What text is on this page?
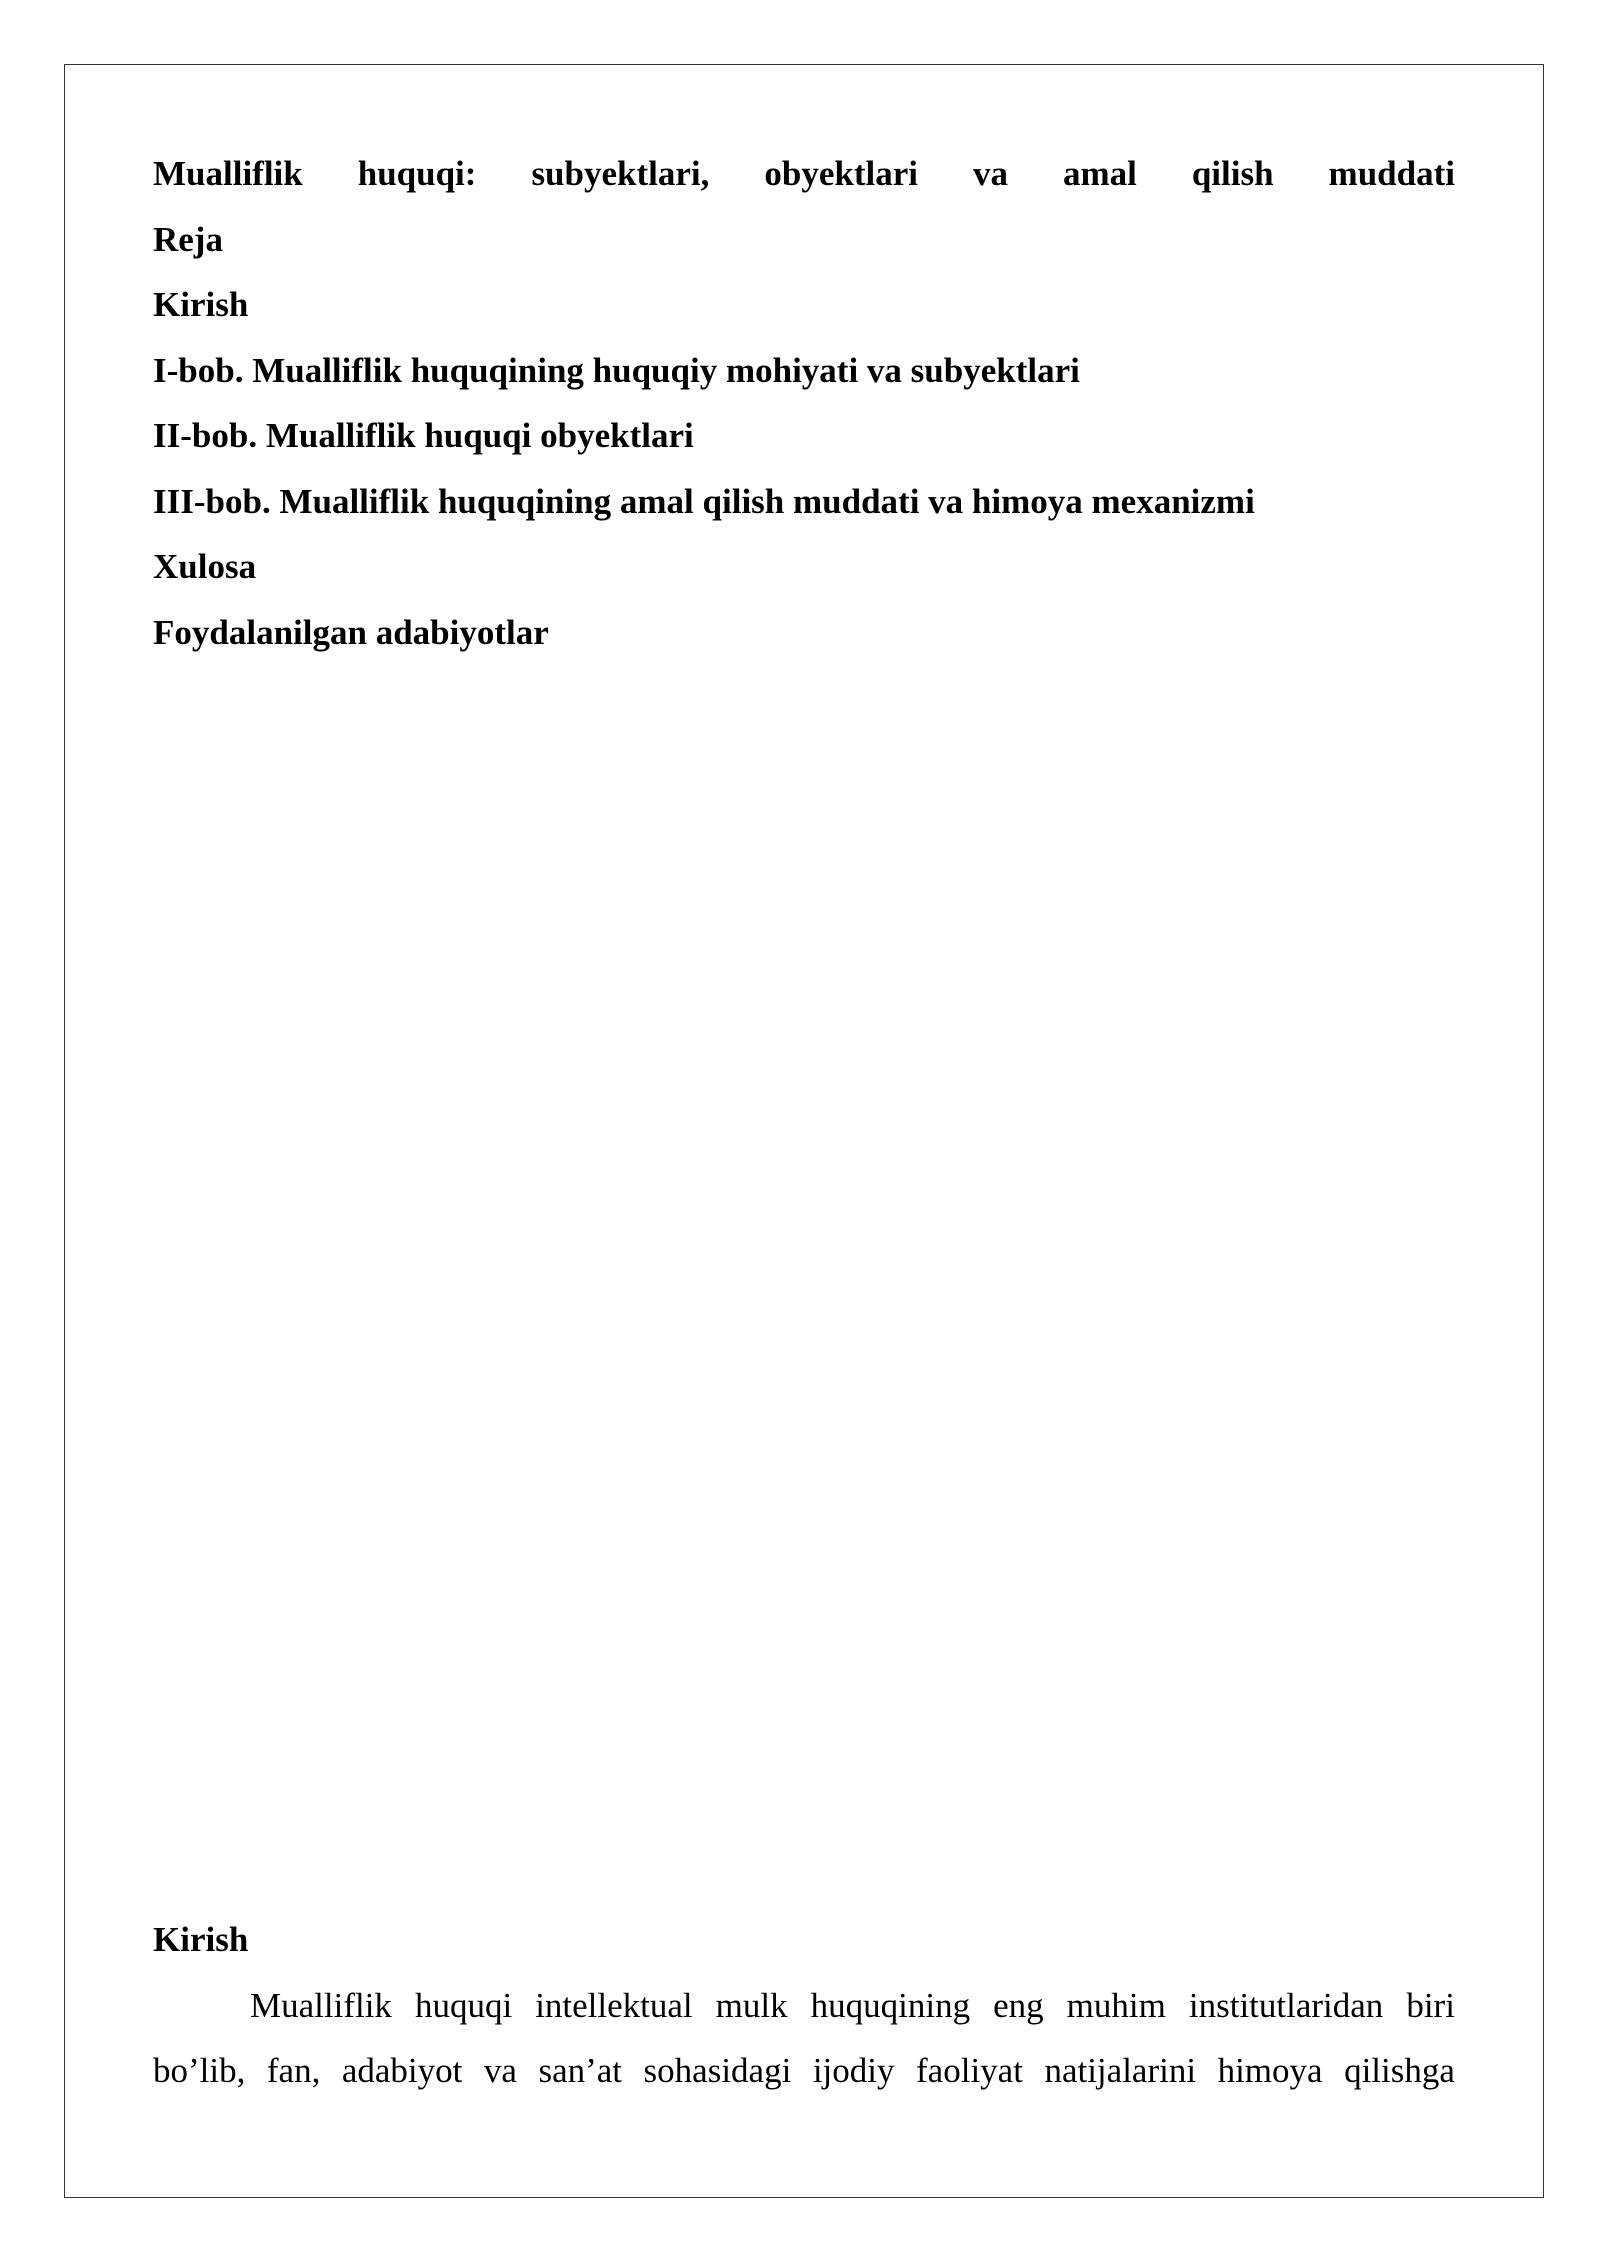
Mualliflik huquqi: subyektlari, obyektlari va amal qilish muddati

Reja

Kirish

I-bob. Mualliflik huquqining huquqiy mohiyati va subyektlari

II-bob. Mualliflik huquqi obyektlari

III-bob. Mualliflik huquqining amal qilish muddati va himoya mexanizmi

Xulosa

Foydalanilgan adabiyotlar

Kirish

Mualliflik huquqi intellektual mulk huquqining eng muhim institutlaridan biri
bo’lib, fan, adabiyot va san’at sohasidagi ijodiy faoliyat natijalarini himoya qilishga
